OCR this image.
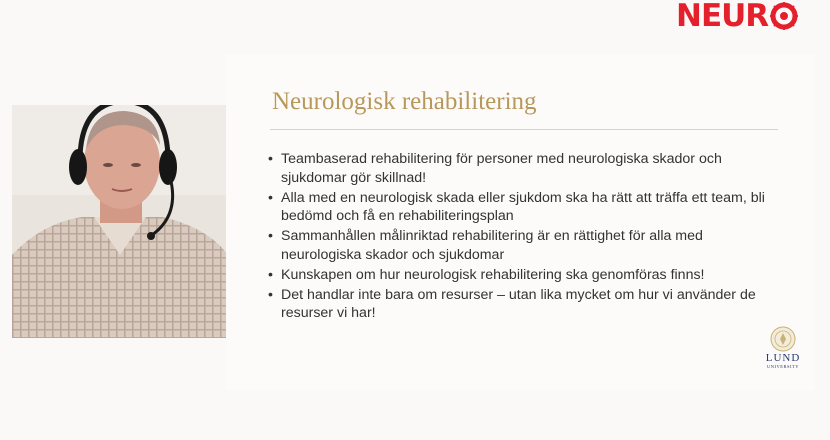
NEUR
Neurologisk rehabilitering
• Teambaserad rehabilitering för personer med neurologiska skador och sjukdomar gör skillnad!
• Alla med en neurologisk skada eller sjukdom ska ha rätt att träffa ett team, bli bedömd och få en rehabiliteringsplan
• Sammanhållen målinriktad rehabilitering är en rättighet för alla med neurologiska skador och sjukdomar
• Kunskapen om hur neurologisk rehabilitering ska genomföras finns!
• Det handlar inte bara om resurser – utan lika mycket om hur vi använder de resurser vi har!
LUND
UNIVERSITY
